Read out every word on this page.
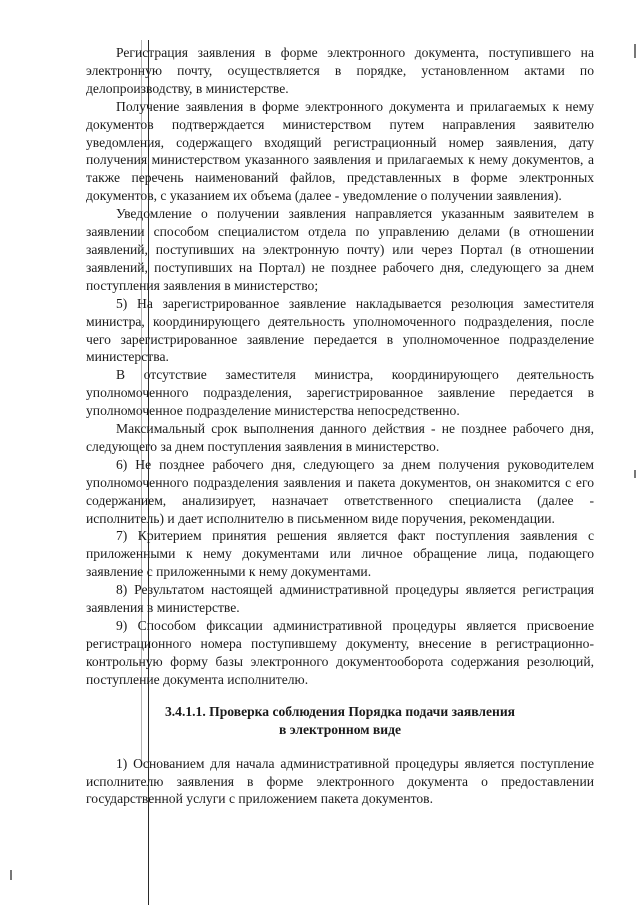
Регистрация заявления в форме электронного документа, поступившего на электронную почту, осуществляется в порядке, установленном актами по делопроизводству, в министерстве.

Получение заявления в форме электронного документа и прилагаемых к нему документов подтверждается министерством путем направления заявителю уведомления, содержащего входящий регистрационный номер заявления, дату получения министерством указанного заявления и прилагаемых к нему документов, а также перечень наименований файлов, представленных в форме электронных документов, с указанием их объема (далее - уведомление о получении заявления).

Уведомление о получении заявления направляется указанным заявителем в заявлении способом специалистом отдела по управлению делами (в отношении заявлений, поступивших на электронную почту) или через Портал (в отношении заявлений, поступивших на Портал) не позднее рабочего дня, следующего за днем поступления заявления в министерство;

5) На зарегистрированное заявление накладывается резолюция заместителя министра, координирующего деятельность уполномоченного подразделения, после чего зарегистрированное заявление передается в уполномоченное подразделение министерства.

В отсутствие заместителя министра, координирующего деятельность уполномоченного подразделения, зарегистрированное заявление передается в уполномоченное подразделение министерства непосредственно.

Максимальный срок выполнения данного действия - не позднее рабочего дня, следующего за днем поступления заявления в министерство.

6) Не позднее рабочего дня, следующего за днем получения руководителем уполномоченного подразделения заявления и пакета документов, он знакомится с его содержанием, анализирует, назначает ответственного специалиста (далее - исполнитель) и дает исполнителю в письменном виде поручения, рекомендации.

7) Критерием принятия решения является факт поступления заявления с приложенными к нему документами или личное обращение лица, подающего заявление с приложенными к нему документами.

8) Результатом настоящей административной процедуры является регистрация заявления в министерстве.

9) Способом фиксации административной процедуры является присвоение регистрационного номера поступившему документу, внесение в регистрационно-контрольную форму базы электронного документооборота содержания резолюций, поступление документа исполнителю.

3.4.1.1. Проверка соблюдения Порядка подачи заявления
в электронном виде

1) Основанием для начала административной процедуры является поступление исполнителю заявления в форме электронного документа о предоставлении государственной услуги с приложением пакета документов.
